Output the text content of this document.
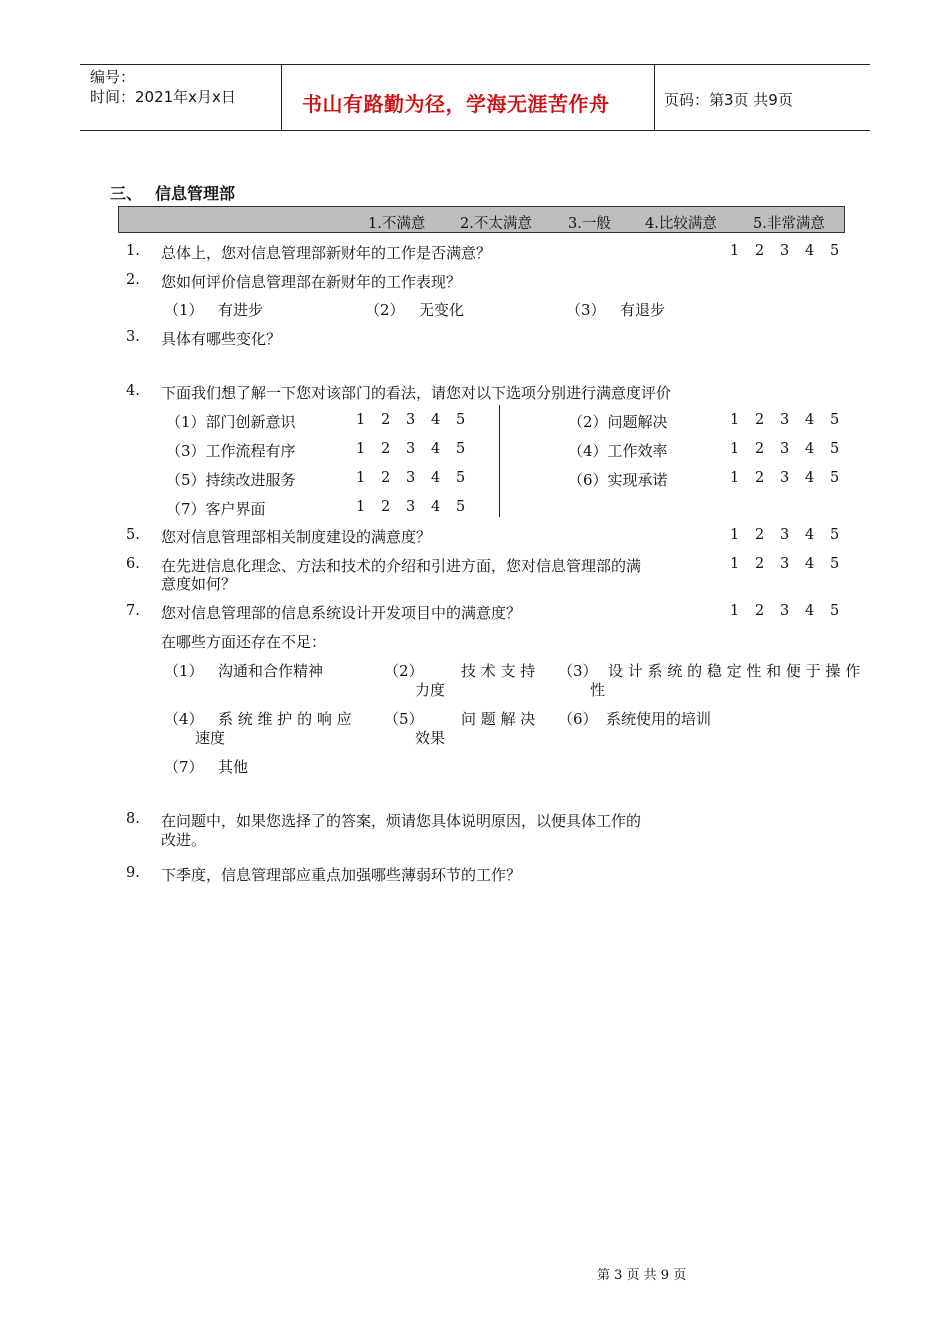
编号：
时间：2021年x月x日	书山有路勤为径，学海无涯苦作舟	页码：第3页 共9页
三、 信息管理部
1.不满意 2.不太满意 3.一般 4.比较满意 5.非常满意
1. 总体上，您对信息管理部新财年的工作是否满意？	1 2 3 4 5
2. 您如何评价信息管理部在新财年的工作表现？
（1） 有进步	（2） 无变化	（3） 有退步
3. 具体有哪些变化？
4. 下面我们想了解一下您对该部门的看法，请您对以下选项分别进行满意度评价
（1）部门创新意识	1 2 3 4 5	（2）问题解决	1 2 3 4 5
（3）工作流程有序	1 2 3 4 5	（4）工作效率	1 2 3 4 5
（5）持续改进服务	1 2 3 4 5	（6）实现承诺	1 2 3 4 5
（7）客户界面	1 2 3 4 5
5. 您对信息管理部相关制度建设的满意度？	1 2 3 4 5
6. 在先进信息化理念、方法和技术的介绍和引进方面，您对信息管理部的满
意度如何？
1 2 3 4 5
7. 您对信息管理部的信息系统设计开发项目中的满意度？	1 2 3 4 5
在哪些方面还存在不足：
（1） 沟通和合作精神	（2） 技 术 支 持
力度
（3） 设 计 系 统 的 稳 定 性 和 便 于 操 作
性
（4） 系 统 维 护 的 响 应
速度
（5） 问 题 解 决
效果
（6） 系统使用的培训
（7） 其他
8. 在问题中，如果您选择了的答案，烦请您具体说明原因，以便具体工作的
改进。
9. 下季度，信息管理部应重点加强哪些薄弱环节的工作？
第 3 页 共 9 页
